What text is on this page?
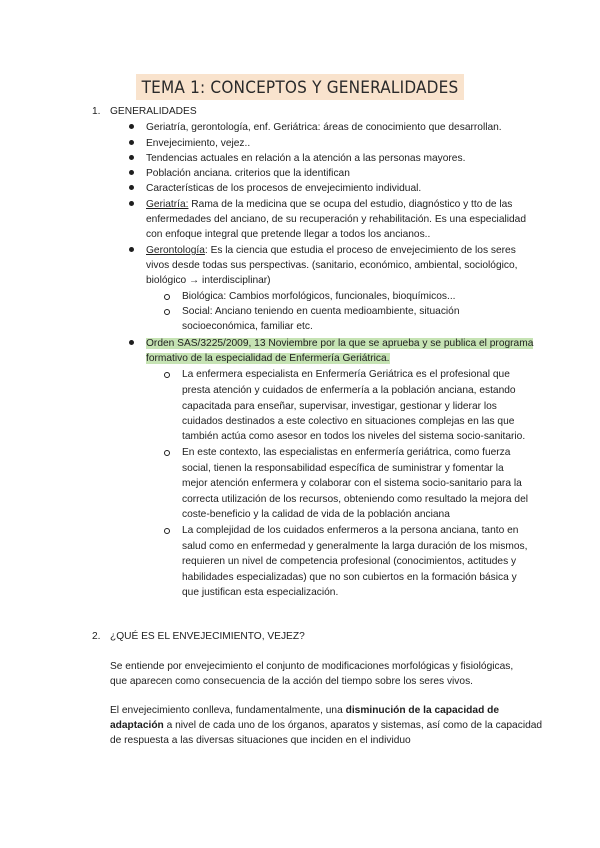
TEMA 1: CONCEPTOS Y GENERALIDADES
1. GENERALIDADES
Geriatría, gerontología, enf. Geriátrica: áreas de conocimiento que desarrollan.
Envejecimiento, vejez..
Tendencias actuales en relación a la atención a las personas mayores.
Población anciana. criterios que la identifican
Características de los procesos de envejecimiento individual.
Geriatría: Rama de la medicina que se ocupa del estudio, diagnóstico y tto de las
enfermedades del anciano, de su recuperación y rehabilitación. Es una especialidad
con enfoque integral que pretende llegar a todos los ancianos..
Gerontología: Es la ciencia que estudia el proceso de envejecimiento de los seres
vivos desde todas sus perspectivas. (sanitario, económico, ambiental, sociológico,
biológico → interdisciplinar)
Biológica: Cambios morfológicos, funcionales, bioquímicos...
Social: Anciano teniendo en cuenta medioambiente, situación
socioeconómica, familiar etc.
Orden SAS/3225/2009, 13 Noviembre por la que se aprueba y se publica el programa
formativo de la especialidad de Enfermería Geriátrica.
La enfermera especialista en Enfermería Geriátrica es el profesional que
presta atención y cuidados de enfermería a la población anciana, estando
capacitada para enseñar, supervisar, investigar, gestionar y liderar los
cuidados destinados a este colectivo en situaciones complejas en las que
también actúa como asesor en todos los niveles del sistema socio-sanitario.
En este contexto, las especialistas en enfermería geriátrica, como fuerza
social, tienen la responsabilidad específica de suministrar y fomentar la
mejor atención enfermera y colaborar con el sistema socio-sanitario para la
correcta utilización de los recursos, obteniendo como resultado la mejora del
coste-beneficio y la calidad de vida de la población anciana
La complejidad de los cuidados enfermeros a la persona anciana, tanto en
salud como en enfermedad y generalmente la larga duración de los mismos,
requieren un nivel de competencia profesional (conocimientos, actitudes y
habilidades especializadas) que no son cubiertos en la formación básica y
que justifican esta especialización.
2. ¿QUÉ ES EL ENVEJECIMIENTO, VEJEZ?
Se entiende por envejecimiento el conjunto de modificaciones morfológicas y fisiológicas,
que aparecen como consecuencia de la acción del tiempo sobre los seres vivos.
El envejecimiento conlleva, fundamentalmente, una disminución de la capacidad de
adaptación a nivel de cada uno de los órganos, aparatos y sistemas, así como de la capacidad
de respuesta a las diversas situaciones que inciden en el individuo
